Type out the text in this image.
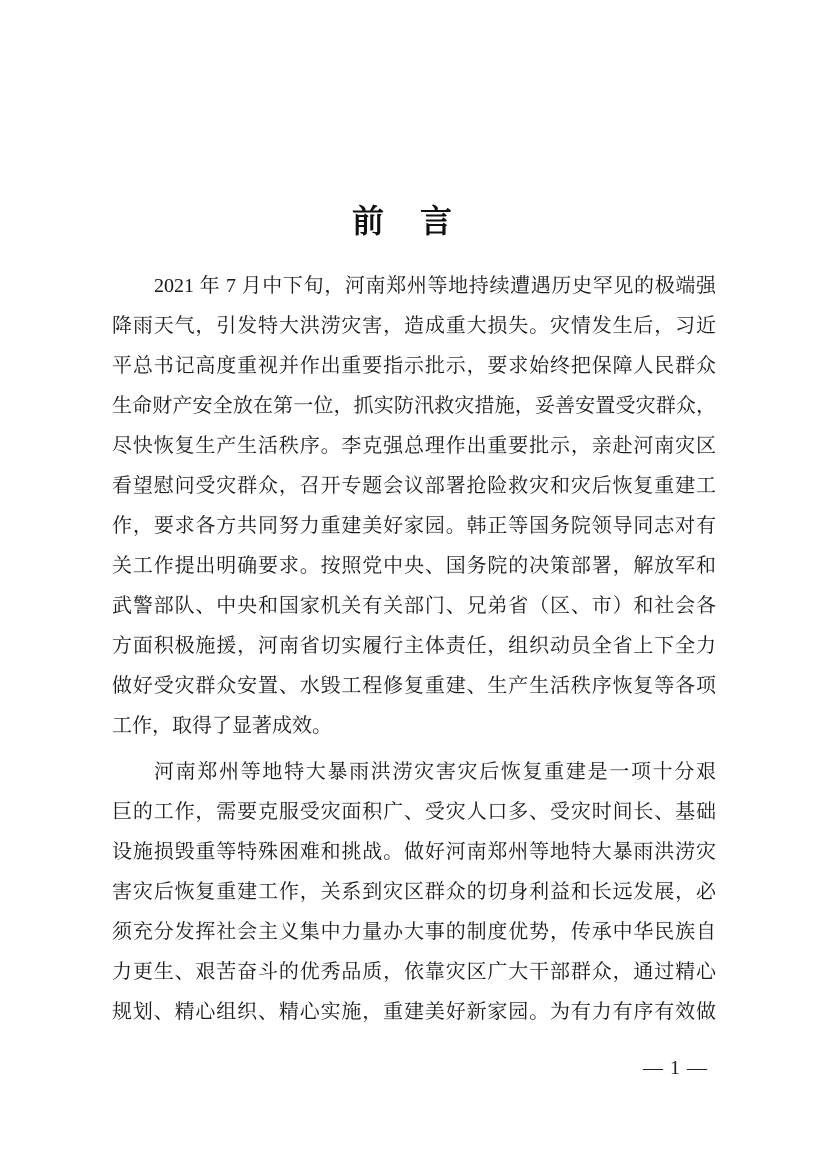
前　言
2021 年 7 月中下旬，河南郑州等地持续遭遇历史罕见的极端强
降雨天气，引发特大洪涝灾害，造成重大损失。灾情发生后，习近
平总书记高度重视并作出重要指示批示，要求始终把保障人民群众
生命财产安全放在第一位，抓实防汛救灾措施，妥善安置受灾群众，
尽快恢复生产生活秩序。李克强总理作出重要批示，亲赴河南灾区
看望慰问受灾群众，召开专题会议部署抢险救灾和灾后恢复重建工
作，要求各方共同努力重建美好家园。韩正等国务院领导同志对有
关工作提出明确要求。按照党中央、国务院的决策部署，解放军和
武警部队、中央和国家机关有关部门、兄弟省（区、市）和社会各
方面积极施援，河南省切实履行主体责任，组织动员全省上下全力
做好受灾群众安置、水毁工程修复重建、生产生活秩序恢复等各项
工作，取得了显著成效。
河南郑州等地特大暴雨洪涝灾害灾后恢复重建是一项十分艰
巨的工作，需要克服受灾面积广、受灾人口多、受灾时间长、基础
设施损毁重等特殊困难和挑战。做好河南郑州等地特大暴雨洪涝灾
害灾后恢复重建工作，关系到灾区群众的切身利益和长远发展，必
须充分发挥社会主义集中力量办大事的制度优势，传承中华民族自
力更生、艰苦奋斗的优秀品质，依靠灾区广大干部群众，通过精心
规划、精心组织、精心实施，重建美好新家园。为有力有序有效做
— 1 —
